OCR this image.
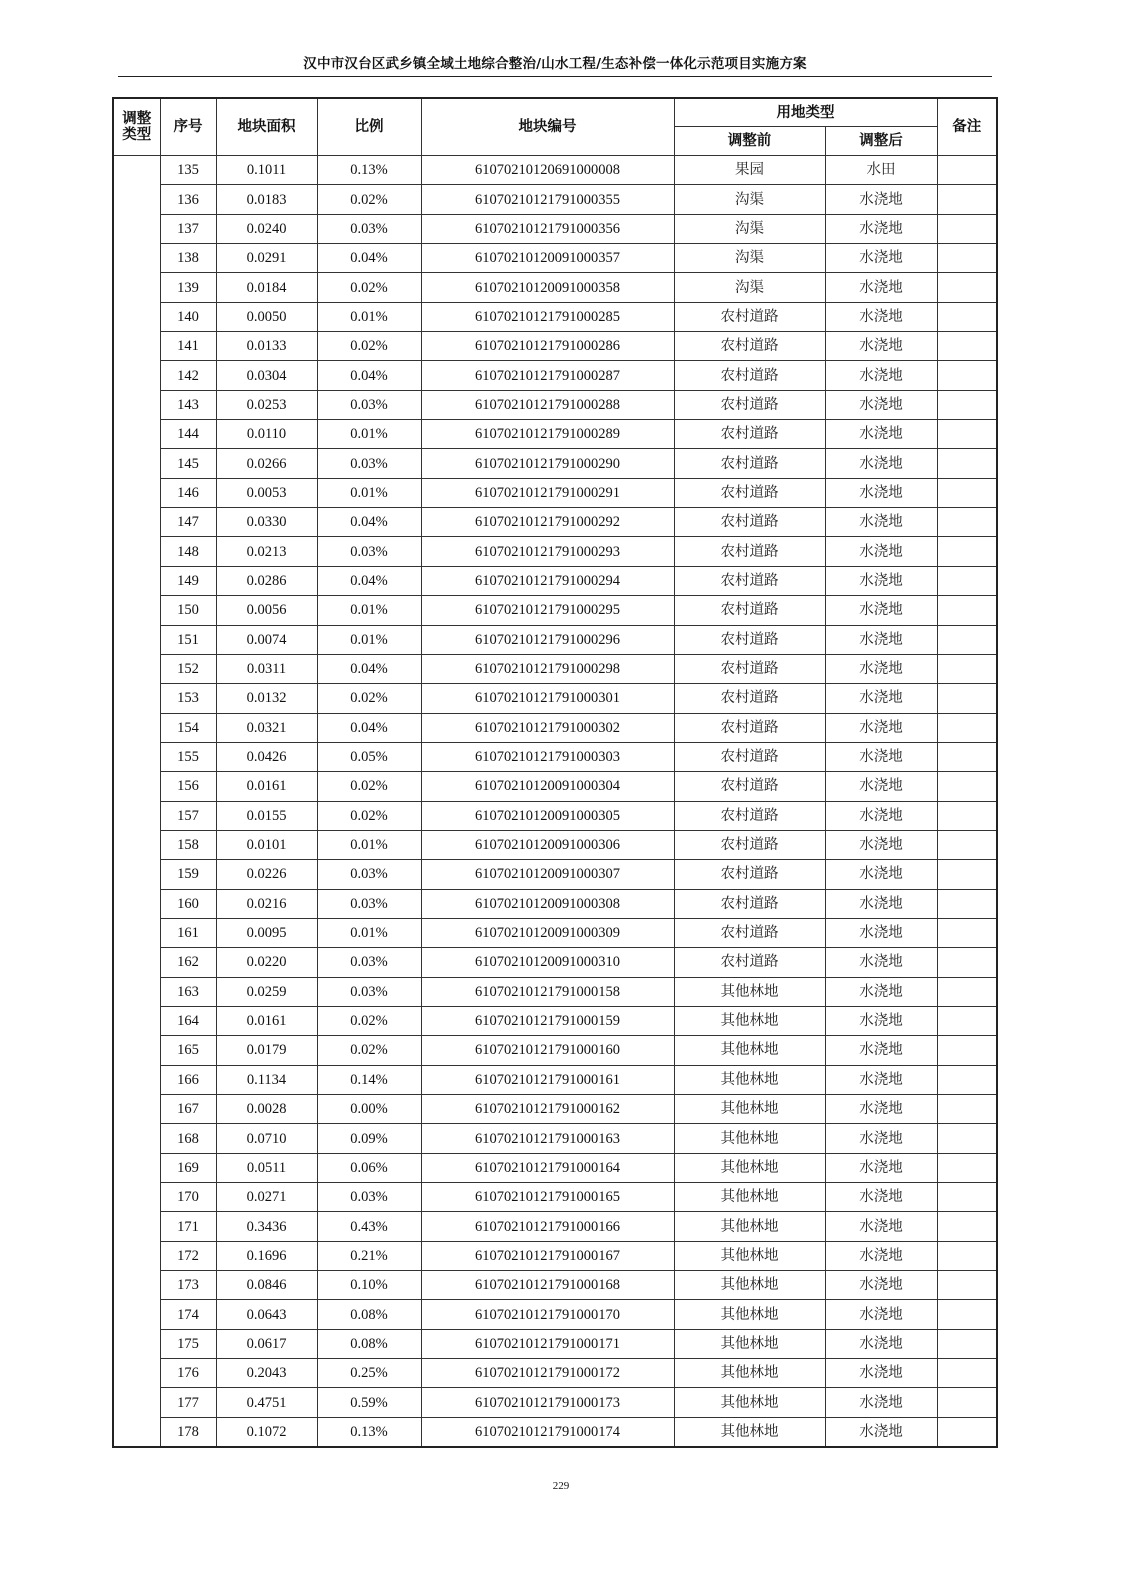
汉中市汉台区武乡镇全域土地综合整治/山水工程/生态补偿一体化示范项目实施方案
调整
类型	序号	地块面积	比例	地块编号	用地类型		备注
					调整前	调整后	
	135	0.1011	0.13%	61070210120691000008	果园	水田	
	136	0.0183	0.02%	61070210121791000355	沟渠	水浇地	
	137	0.0240	0.03%	61070210121791000356	沟渠	水浇地	
	138	0.0291	0.04%	61070210120091000357	沟渠	水浇地	
	139	0.0184	0.02%	61070210120091000358	沟渠	水浇地	
	140	0.0050	0.01%	61070210121791000285	农村道路	水浇地	
	141	0.0133	0.02%	61070210121791000286	农村道路	水浇地	
	142	0.0304	0.04%	61070210121791000287	农村道路	水浇地	
	143	0.0253	0.03%	61070210121791000288	农村道路	水浇地	
	144	0.0110	0.01%	61070210121791000289	农村道路	水浇地	
	145	0.0266	0.03%	61070210121791000290	农村道路	水浇地	
	146	0.0053	0.01%	61070210121791000291	农村道路	水浇地	
	147	0.0330	0.04%	61070210121791000292	农村道路	水浇地	
	148	0.0213	0.03%	61070210121791000293	农村道路	水浇地	
	149	0.0286	0.04%	61070210121791000294	农村道路	水浇地	
	150	0.0056	0.01%	61070210121791000295	农村道路	水浇地	
	151	0.0074	0.01%	61070210121791000296	农村道路	水浇地	
	152	0.0311	0.04%	61070210121791000298	农村道路	水浇地	
	153	0.0132	0.02%	61070210121791000301	农村道路	水浇地	
	154	0.0321	0.04%	61070210121791000302	农村道路	水浇地	
	155	0.0426	0.05%	61070210121791000303	农村道路	水浇地	
	156	0.0161	0.02%	61070210120091000304	农村道路	水浇地	
	157	0.0155	0.02%	61070210120091000305	农村道路	水浇地	
	158	0.0101	0.01%	61070210120091000306	农村道路	水浇地	
	159	0.0226	0.03%	61070210120091000307	农村道路	水浇地	
	160	0.0216	0.03%	61070210120091000308	农村道路	水浇地	
	161	0.0095	0.01%	61070210120091000309	农村道路	水浇地	
	162	0.0220	0.03%	61070210120091000310	农村道路	水浇地	
	163	0.0259	0.03%	61070210121791000158	其他林地	水浇地	
	164	0.0161	0.02%	61070210121791000159	其他林地	水浇地	
	165	0.0179	0.02%	61070210121791000160	其他林地	水浇地	
	166	0.1134	0.14%	61070210121791000161	其他林地	水浇地	
	167	0.0028	0.00%	61070210121791000162	其他林地	水浇地	
	168	0.0710	0.09%	61070210121791000163	其他林地	水浇地	
	169	0.0511	0.06%	61070210121791000164	其他林地	水浇地	
	170	0.0271	0.03%	61070210121791000165	其他林地	水浇地	
	171	0.3436	0.43%	61070210121791000166	其他林地	水浇地	
	172	0.1696	0.21%	61070210121791000167	其他林地	水浇地	
	173	0.0846	0.10%	61070210121791000168	其他林地	水浇地	
	174	0.0643	0.08%	61070210121791000170	其他林地	水浇地	
	175	0.0617	0.08%	61070210121791000171	其他林地	水浇地	
	176	0.2043	0.25%	61070210121791000172	其他林地	水浇地	
	177	0.4751	0.59%	61070210121791000173	其他林地	水浇地	
	178	0.1072	0.13%	61070210121791000174	其他林地	水浇地	
229
